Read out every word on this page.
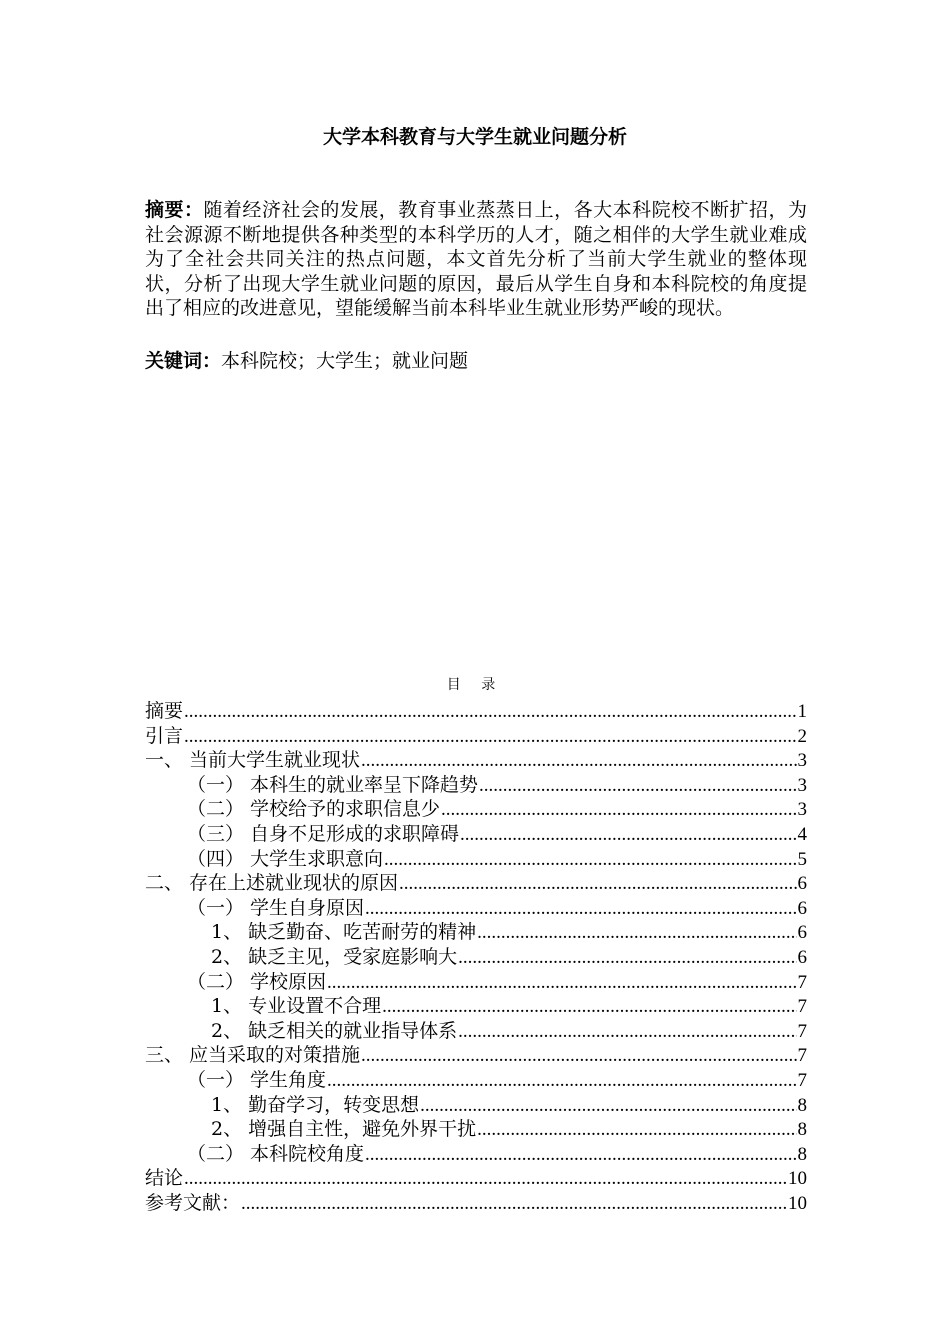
大学本科教育与大学生就业问题分析

摘要：随着经济社会的发展，教育事业蒸蒸日上，各大本科院校不断扩招，为社会源源不断地提供各种类型的本科学历的人才，随之相伴的大学生就业难成为了全社会共同关注的热点问题，本文首先分析了当前大学生就业的整体现状，分析了出现大学生就业问题的原因，最后从学生自身和本科院校的角度提出了相应的改进意见，望能缓解当前本科毕业生就业形势严峻的现状。

关键词：本科院校；大学生；就业问题

目 录
摘要 .....	1
引言 .....	2
一、 当前大学生就业现状 .....	3
（一） 本科生的就业率呈下降趋势 .....	3
（二） 学校给予的求职信息少 .....	3
（三） 自身不足形成的求职障碍 .....	4
（四） 大学生求职意向 .....	5
二、 存在上述就业现状的原因 .....	6
（一） 学生自身原因 .....	6
1、 缺乏勤奋、吃苦耐劳的精神 .....	6
2、 缺乏主见，受家庭影响大 .....	6
（二） 学校原因 .....	7
1、 专业设置不合理 .....	7
2、 缺乏相关的就业指导体系 .....	7
三、 应当采取的对策措施 .....	7
（一） 学生角度 .....	7
1、 勤奋学习，转变思想 .....	8
2、 增强自主性，避免外界干扰 .....	8
（二） 本科院校角度 .....	8
结论 .....	10
参考文献： .....	10
